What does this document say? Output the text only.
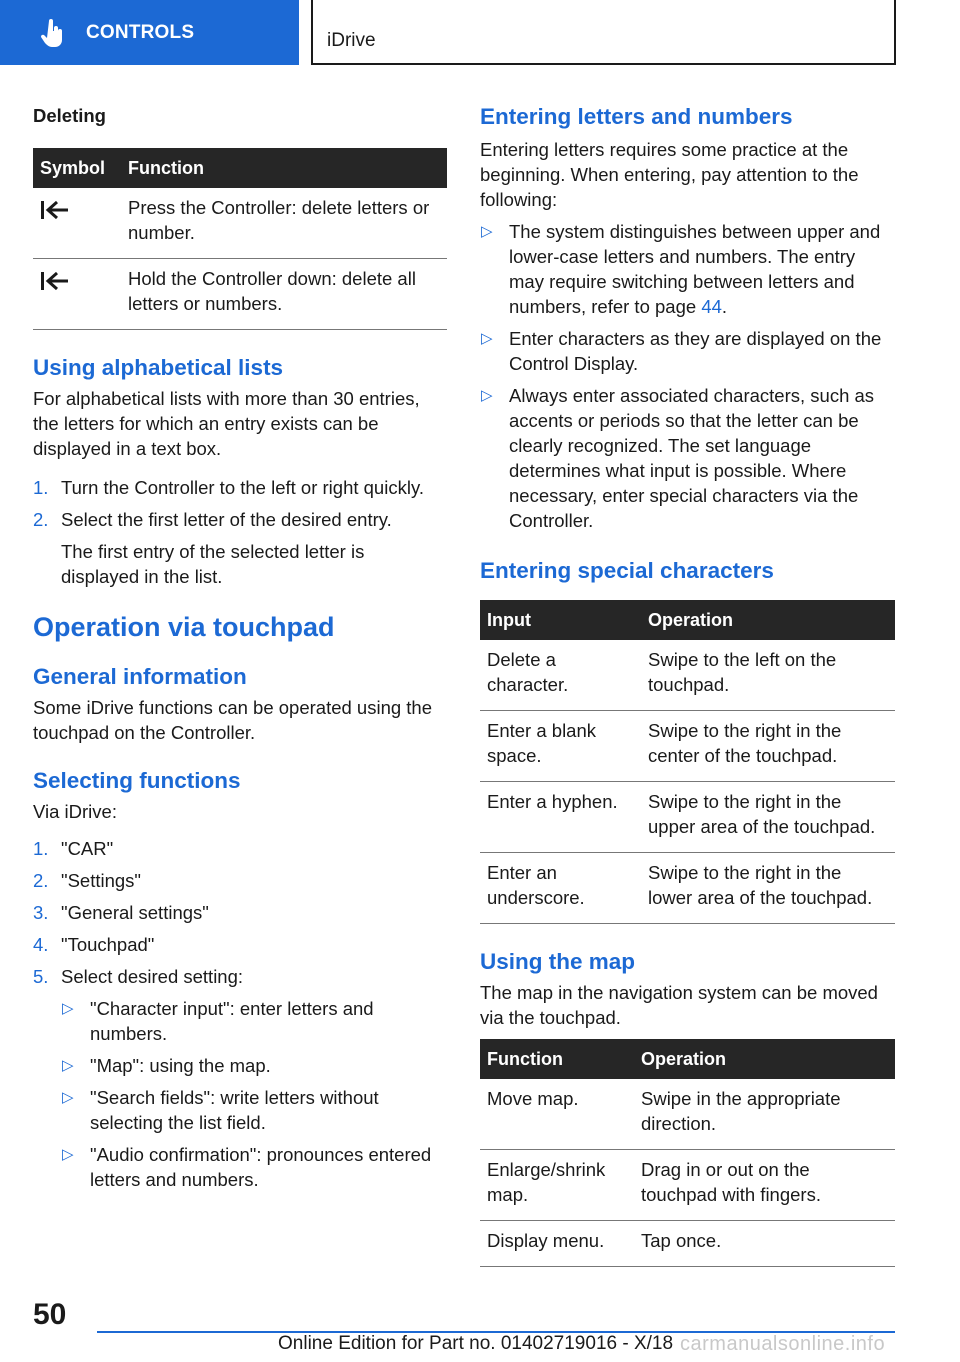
CONTROLS	iDrive
Deleting
Symbol	Function
	Press the Controller: delete letters or number.
	Hold the Controller down: delete all letters or numbers.
Using alphabetical lists

For alphabetical lists with more than 30 entries, the letters for which an entry exists can be displayed in a text box.

1. Turn the Controller to the left or right quickly.
2. Select the first letter of the desired entry.

The first entry of the selected letter is displayed in the list.

Operation via touchpad
General information

Some iDrive functions can be operated using the touchpad on the Controller.

Selecting functions

Via iDrive:

1. "CAR"
2. "Settings"
3. "General settings"
4. "Touchpad"
5. Select desired setting:
▷ "Character input": enter letters and numbers.
▷ "Map": using the map.
▷ "Search fields": write letters without selecting the list field.
▷ "Audio confirmation": pronounces entered letters and numbers.
Entering letters and numbers

Entering letters requires some practice at the beginning. When entering, pay attention to the following:

▷ The system distinguishes between upper and lower-case letters and numbers. The entry may require switching between letters and numbers, refer to page 44.
▷ Enter characters as they are displayed on the Control Display.
▷ Always enter associated characters, such as accents or periods so that the letter can be clearly recognized. The set language determines what input is possible. Where necessary, enter special characters via the Controller.
Entering special characters
Input	Operation
Delete a character.	Swipe to the left on the touchpad.
Enter a blank space.	Swipe to the right in the center of the touchpad.
Enter a hyphen.	Swipe to the right in the upper area of the touchpad.
Enter an underscore.	Swipe to the right in the lower area of the touchpad.
Using the map

The map in the navigation system can be moved via the touchpad.

Function	Operation
Move map.	Swipe in the appropriate direction.
Enlarge/shrink map.	Drag in or out on the touchpad with fingers.
Display menu.	Tap once.
50
Online Edition for Part no. 01402719016 - X/18 carmanualsonline.info
